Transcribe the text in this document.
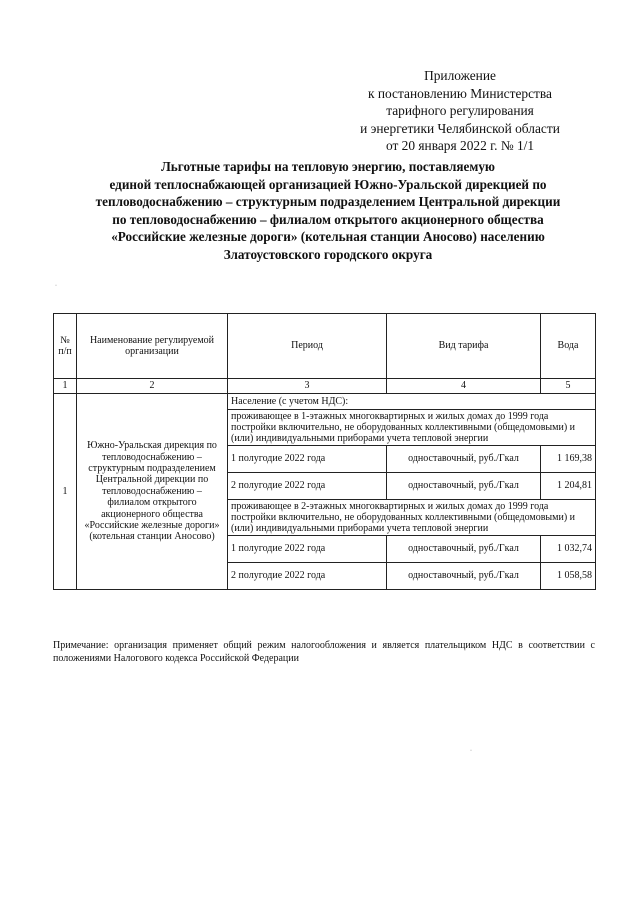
Приложение
к постановлению Министерства
тарифного регулирования
и энергетики Челябинской области
от 20 января 2022 г. № 1/1
Льготные тарифы на тепловую энергию, поставляемую
единой теплоснабжающей организацией Южно-Уральской дирекцией по
тепловодоснабжению – структурным подразделением Центральной дирекции
по тепловодоснабжению – филиалом открытого акционерного общества
«Российские железные дороги» (котельная станции Аносово) населению
Златоустовского городского округа
·
№ п/п	Наименование регулируемой организации	Период	Вид тарифа	Вода
1	2	3	4	5
1	Южно-Уральская дирекция по тепловодоснабжению – структурным подразделением Центральной дирекции по тепловодоснабжению – филиалом открытого акционерного общества «Российские железные дороги» (котельная станции Аносово)	Население (с учетом НДС):		
		проживающее в 1-этажных многоквартирных и жилых домах до 1999 года постройки включительно, не оборудованных коллективными (общедомовыми) и (или) индивидуальными приборами учета тепловой энергии		
		1 полугодие 2022 года	одноставочный, руб./Гкал	1 169,38
		2 полугодие 2022 года	одноставочный, руб./Гкал	1 204,81
		проживающее в 2-этажных многоквартирных и жилых домах до 1999 года постройки включительно, не оборудованных коллективными (общедомовыми) и (или) индивидуальными приборами учета тепловой энергии		
		1 полугодие 2022 года	одноставочный, руб./Гкал	1 032,74
		2 полугодие 2022 года	одноставочный, руб./Гкал	1 058,58
Примечание: организация применяет общий режим налогообложения и является плательщиком НДС в соответствии с положениями Налогового кодекса Российской Федерации
·
